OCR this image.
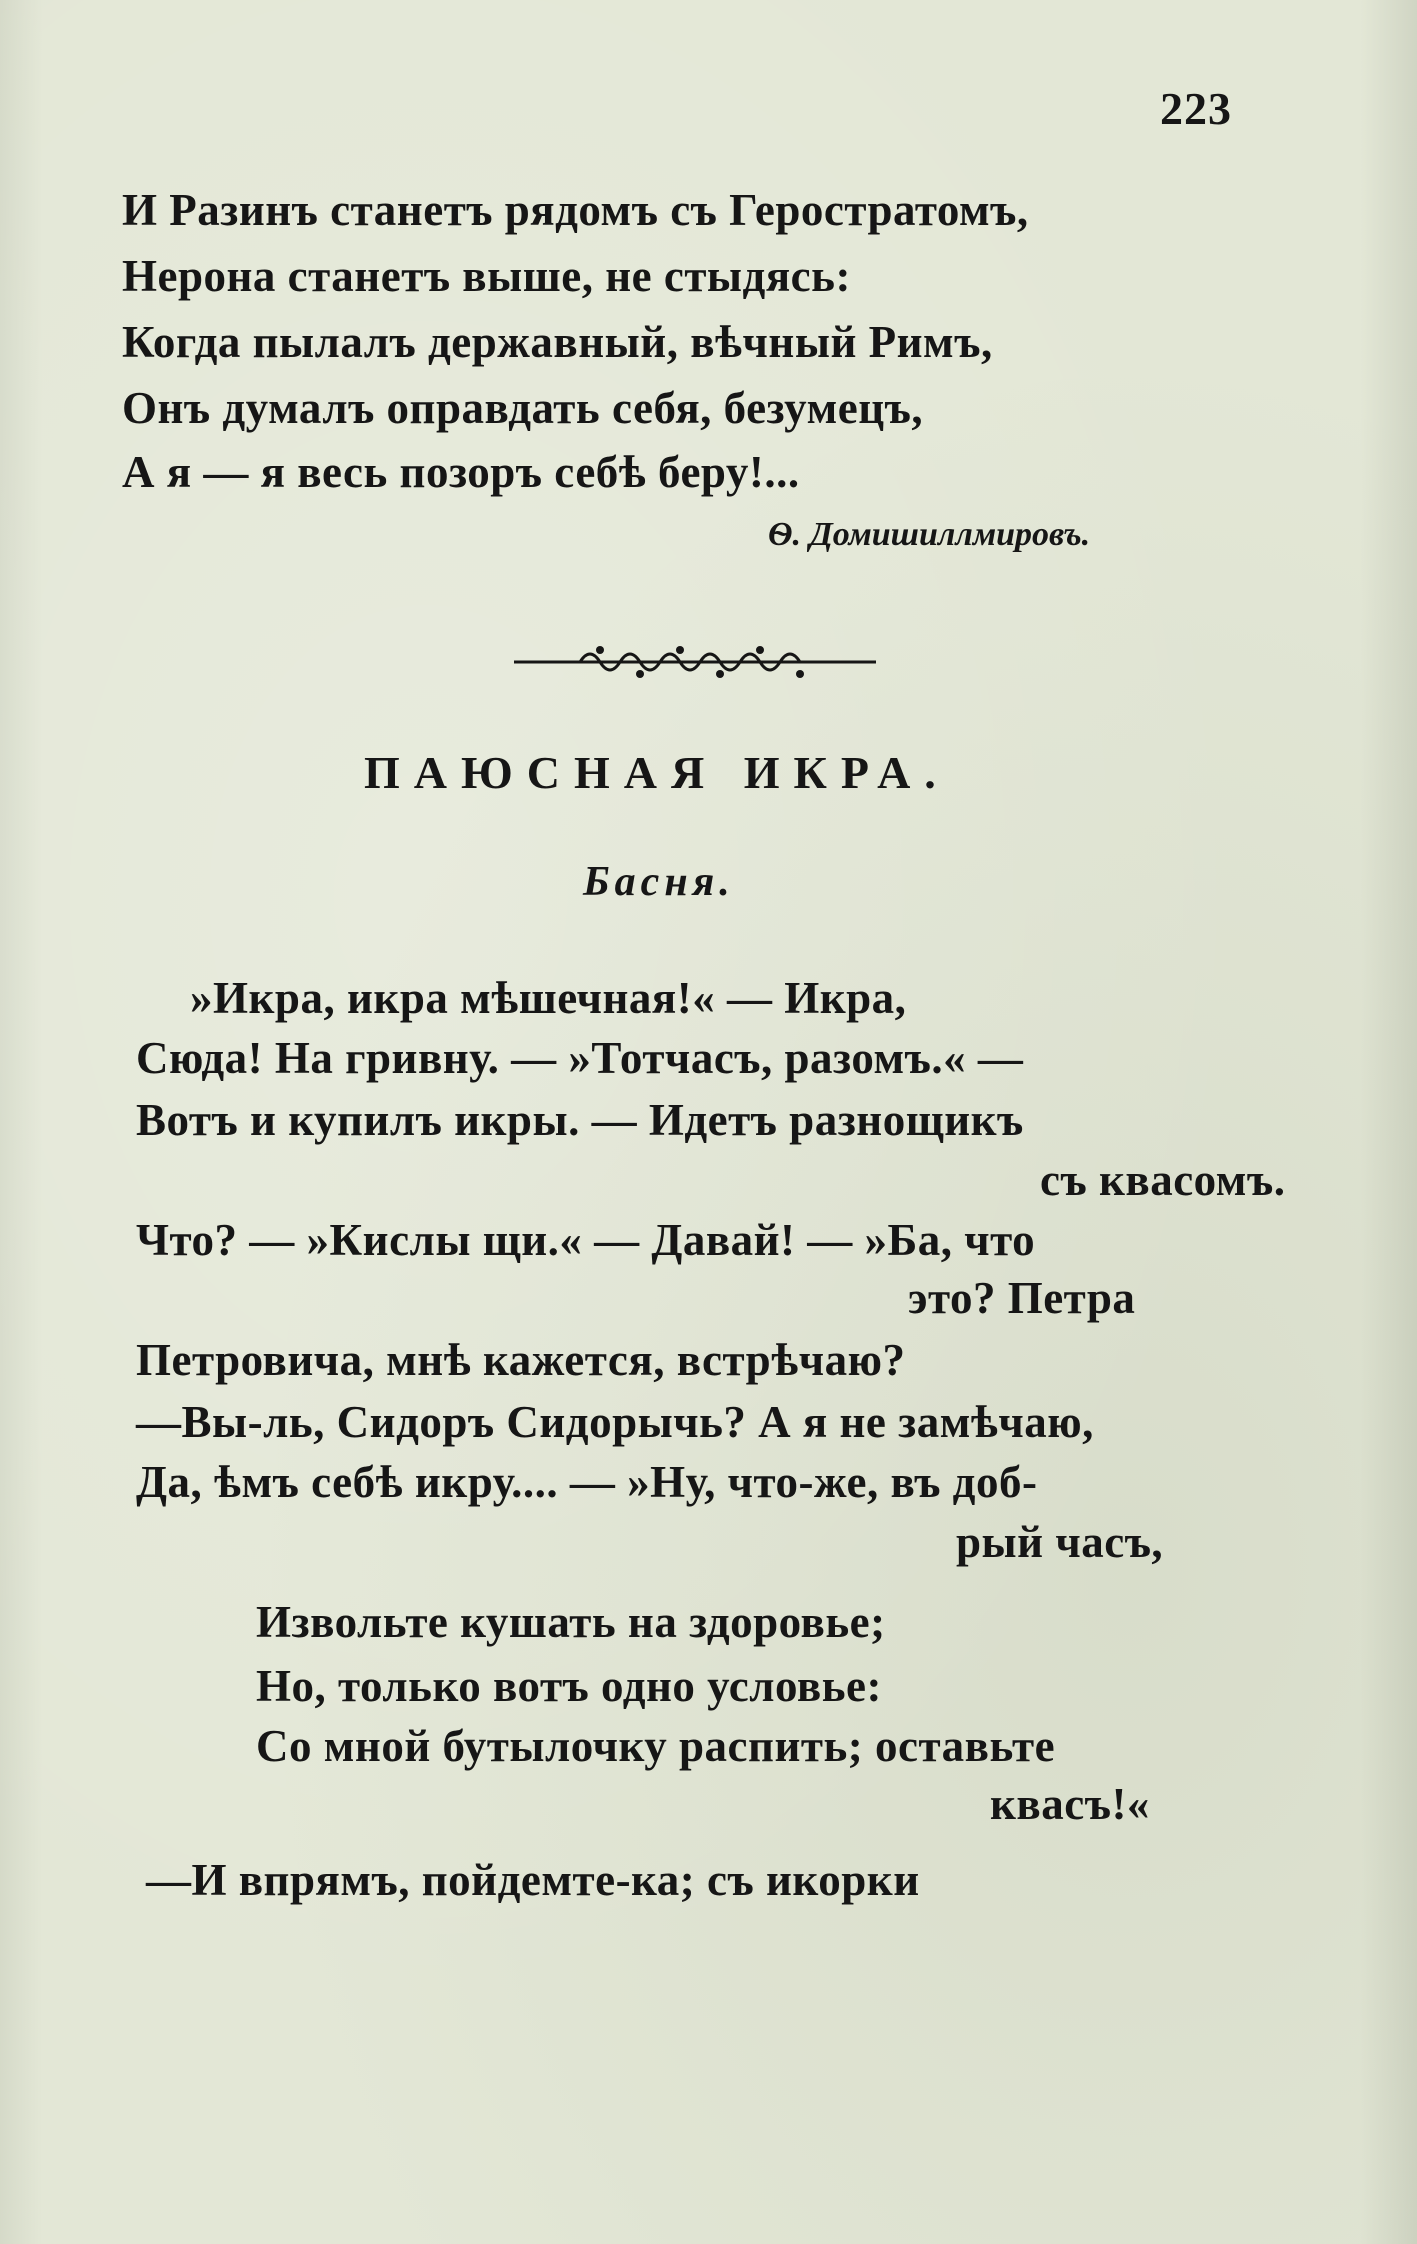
223
И Разинъ станетъ рядомъ съ Геростратомъ,
Нерона станетъ выше, не стыдясь:
Когда пылалъ державный, вѣчный Римъ,
Онъ думалъ оправдать себя, безумецъ,
А я — я весь позоръ себѣ беру!...
Ѳ. Домишиллмировъ.
ПАЮСНАЯ ИКРА.
Басня.
»Икра, икра мѣшечная!« — Икра,
Сюда! На гривну. — »Тотчасъ, разомъ.« —
Вотъ и купилъ икры. — Идетъ разнощикъ
съ квасомъ.
Что? — »Кислы щи.« — Давай! — »Ба, что
это? Петра
Петровича, мнѣ кажется, встрѣчаю?
—Вы-ль, Сидоръ Сидорычь? А я не замѣчаю,
Да, ѣмъ себѣ икру.... — »Ну, что-же, въ доб-
рый часъ,
Извольте кушать на здоровье;
Но, только вотъ одно условье:
Со мной бутылочку распить; оставьте
квасъ!«
—И впрямъ, пойдемте-ка; съ икорки
